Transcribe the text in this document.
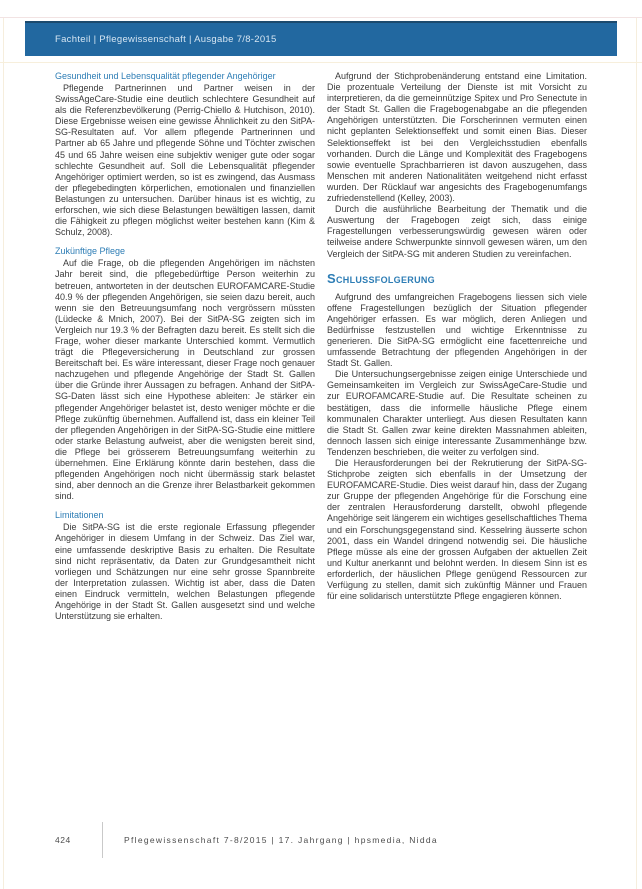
Fachteil | Pflegewissenschaft | Ausgabe 7/8-2015
Gesundheit und Lebensqualität pflegender Angehöriger

Pflegende Partnerinnen und Partner weisen in der SwissAgeCare-Studie eine deutlich schlechtere Gesundheit auf als die Referenzbevölkerung (Perrig-Chiello & Hutchison, 2010). Diese Ergebnisse weisen eine gewisse Ähnlichkeit zu den SitPA-SG-Resultaten auf. Vor allem pflegende Partnerinnen und Partner ab 65 Jahre und pflegende Söhne und Töchter zwischen 45 und 65 Jahre weisen eine subjektiv weniger gute oder sogar schlechte Gesundheit auf. Soll die Lebensqualität pflegender Angehöriger optimiert werden, so ist es zwingend, das Ausmass der pflegebedingten körperlichen, emotionalen und finanziellen Belastungen zu untersuchen. Darüber hinaus ist es wichtig, zu erforschen, wie sich diese Belastungen bewältigen lassen, damit die Fähigkeit zu pflegen möglichst weiter bestehen kann (Kim & Schulz, 2008).

Zukünftige Pflege

Auf die Frage, ob die pflegenden Angehörigen im nächsten Jahr bereit sind, die pflegebedürftige Person weiterhin zu betreuen, antworteten in der deutschen EUROFAMCARE-Studie 40.9 % der pflegenden Angehörigen, sie seien dazu bereit, auch wenn sie den Betreuungsumfang noch vergrössern müssten (Lüdecke & Mnich, 2007). Bei der SitPA-SG zeigten sich im Vergleich nur 19.3 % der Befragten dazu bereit. Es stellt sich die Frage, woher dieser markante Unterschied kommt. Vermutlich trägt die Pflegeversicherung in Deutschland zur grossen Bereitschaft bei. Es wäre interessant, dieser Frage noch genauer nachzugehen und pflegende Angehörige der Stadt St. Gallen über die Gründe ihrer Aussagen zu befragen. Anhand der SitPA-SG-Daten lässt sich eine Hypothese ableiten: Je stärker ein pflegender Angehöriger belastet ist, desto weniger möchte er die Pflege zukünftig übernehmen. Auffallend ist, dass ein kleiner Teil der pflegenden Angehörigen in der SitPA-SG-Studie eine mittlere oder starke Belastung aufweist, aber die wenigsten bereit sind, die Pflege bei grösserem Betreuungsumfang weiterhin zu übernehmen. Eine Erklärung könnte darin bestehen, dass die pflegenden Angehörigen noch nicht übermässig stark belastet sind, aber dennoch an die Grenze ihrer Belastbarkeit gekommen sind.

Limitationen

Die SitPA-SG ist die erste regionale Erfassung pflegender Angehöriger in diesem Umfang in der Schweiz. Das Ziel war, eine umfassende deskriptive Basis zu erhalten. Die Resultate sind nicht repräsentativ, da Daten zur Grundgesamtheit nicht vorliegen und Schätzungen nur eine sehr grosse Spannbreite der Interpretation zulassen. Wichtig ist aber, dass die Daten einen Eindruck vermitteln, welchen Belastungen pflegende Angehörige in der Stadt St. Gallen ausgesetzt sind und welche Unterstützung sie erhalten.

Aufgrund der Stichprobenänderung entstand eine Limitation. Die prozentuale Verteilung der Dienste ist mit Vorsicht zu interpretieren, da die gemeinnützige Spitex und Pro Senectute in der Stadt St. Gallen die Fragebogenabgabe an die pflegenden Angehörigen unterstützten. Die Forscherinnen vermuten einen nicht geplanten Selektionseffekt und somit einen Bias. Dieser Selektionseffekt ist bei den Vergleichsstudien ebenfalls vorhanden. Durch die Länge und Komplexität des Fragebogens sowie eventuelle Sprachbarrieren ist davon auszugehen, dass Menschen mit anderen Nationalitäten weitgehend nicht erfasst wurden. Der Rücklauf war angesichts des Fragebogenumfangs zufriedenstellend (Kelley, 2003).

Durch die ausführliche Bearbeitung der Thematik und die Auswertung der Fragebogen zeigt sich, dass einige Fragestellungen verbesserungswürdig gewesen wären oder teilweise andere Schwerpunkte sinnvoll gewesen wären, um den Vergleich der SitPA-SG mit anderen Studien zu vereinfachen.

Schlussfolgerung

Aufgrund des umfangreichen Fragebogens liessen sich viele offene Fragestellungen bezüglich der Situation pflegender Angehöriger erfassen. Es war möglich, deren Anliegen und Bedürfnisse festzustellen und wichtige Erkenntnisse zu generieren. Die SitPA-SG ermöglicht eine facettenreiche und umfassende Betrachtung der pflegenden Angehörigen in der Stadt St. Gallen.

Die Untersuchungsergebnisse zeigen einige Unterschiede und Gemeinsamkeiten im Vergleich zur SwissAgeCare-Studie und zur EUROFAMCARE-Studie auf. Die Resultate scheinen zu bestätigen, dass die informelle häusliche Pflege einem kommunalen Charakter unterliegt. Aus diesen Resultaten kann die Stadt St. Gallen zwar keine direkten Massnahmen ableiten, dennoch lassen sich einige interessante Zusammenhänge bzw. Tendenzen beschrieben, die weiter zu verfolgen sind.

Die Herausforderungen bei der Rekrutierung der SitPA-SG-Stichprobe zeigten sich ebenfalls in der Umsetzung der EUROFAMCARE-Studie. Dies weist darauf hin, dass der Zugang zur Gruppe der pflegenden Angehörige für die Forschung eine der zentralen Herausforderung darstellt, obwohl pflegende Angehörige seit längerem ein wichtiges gesellschaftliches Thema und ein Forschungsgegenstand sind. Kesselring äusserte schon 2001, dass ein Wandel dringend notwendig sei. Die häusliche Pflege müsse als eine der grossen Aufgaben der aktuellen Zeit und Kultur anerkannt und belohnt werden. In diesem Sinn ist es erforderlich, der häuslichen Pflege genügend Ressourcen zur Verfügung zu stellen, damit sich zukünftig Männer und Frauen für eine solidarisch unterstützte Pflege engagieren können.

424	Pflegewissenschaft 7-8/2015 | 17. Jahrgang | hpsmedia, Nidda
